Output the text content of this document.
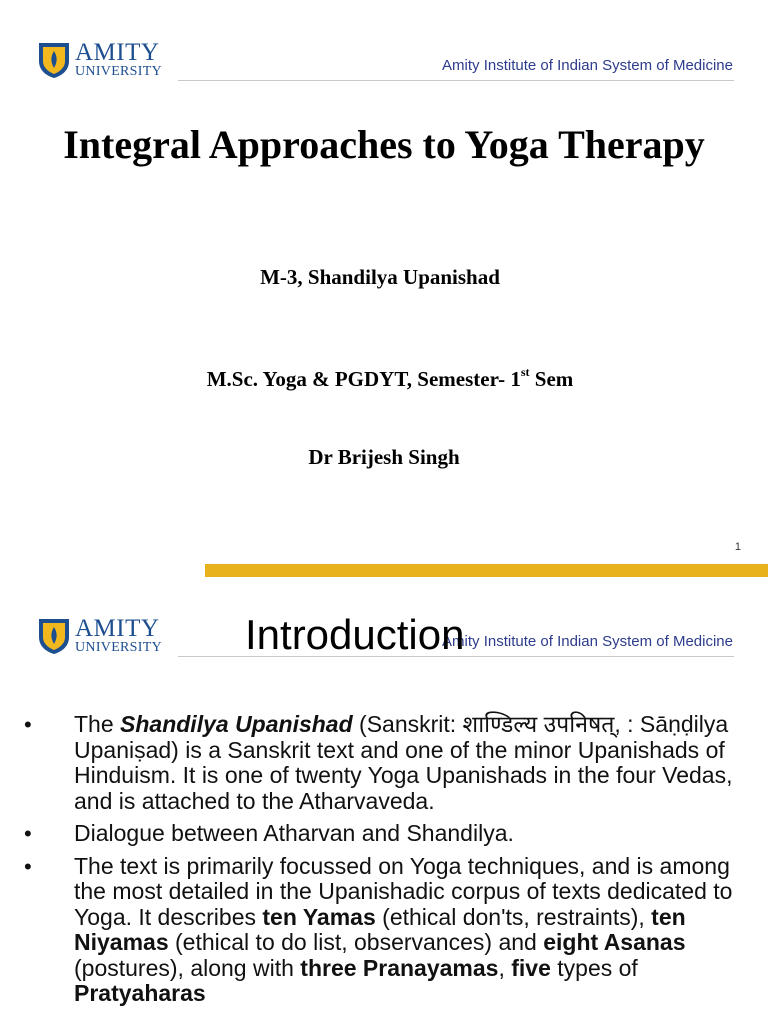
AMITY
UNIVERSITY	Amity Institute of Indian System of Medicine
Integral Approaches to Yoga Therapy
M-3, Shandilya Upanishad
M.Sc. Yoga & PGDYT, Semester- 1st Sem
Dr Brijesh Singh
1
AMITY
UNIVERSITY	Amity Institute of Indian System of Medicine
Introduction
• The Shandilya Upanishad (Sanskrit: शाण्डिल्य उपनिषत्, : Sāṇḍilya Upaniṣad) is a Sanskrit text and one of the minor Upanishads of Hinduism. It is one of twenty Yoga Upanishads in the four Vedas, and is attached to the Atharvaveda.
• Dialogue between Atharvan and Shandilya.
• The text is primarily focussed on Yoga techniques, and is among the most detailed in the Upanishadic corpus of texts dedicated to Yoga. It describes ten Yamas (ethical don'ts, restraints), ten Niyamas (ethical to do list, observances) and eight Asanas (postures), along with three Pranayamas, five types of Pratyaharas
